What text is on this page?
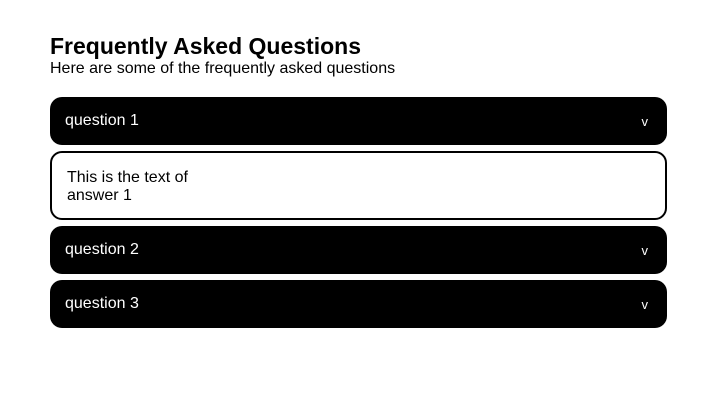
Frequently Asked Questions

Here are some of the frequently asked questions

question 1	v
This is the text of answer 1
question 2	v
question 3	v
